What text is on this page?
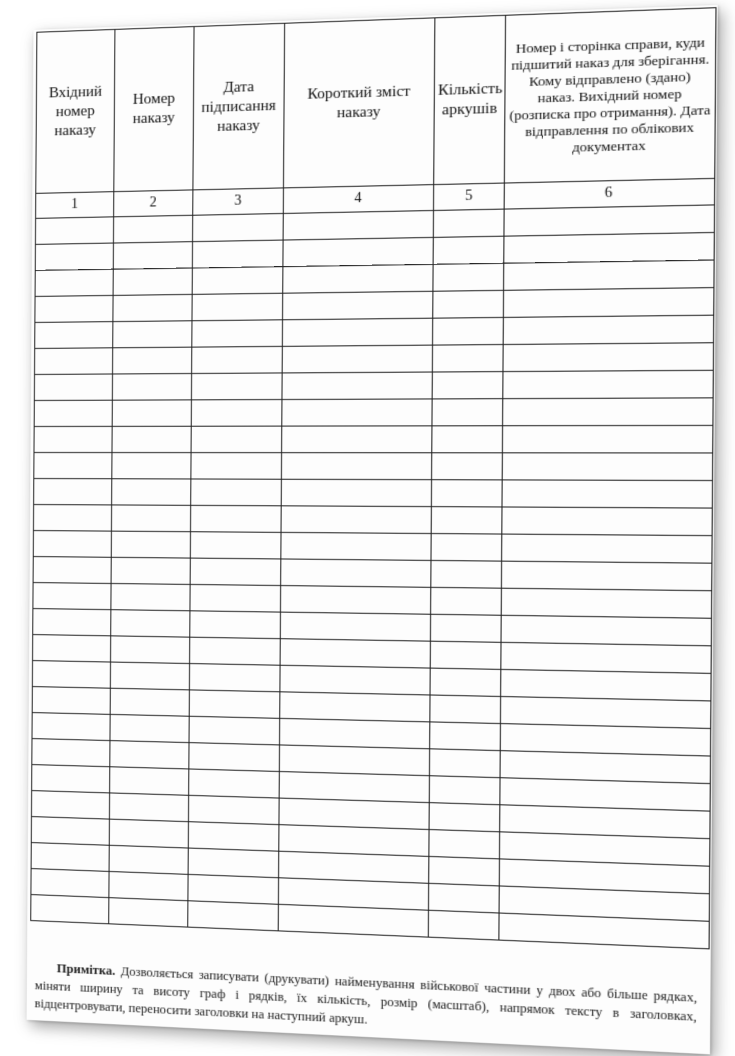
Вхідний номер наказу	Номер наказу	Дата підписання наказу	Короткий зміст наказу	Кількість аркушів	Номер і сторінка справи, куди підшитий наказ для зберігання. Кому відправлено (здано) наказ. Вихідний номер (розписка про отримання). Дата відправлення по облікових документах
1	2	3	4	5	6

Примітка. Дозволяється записувати (друкувати) найменування військової частини у двох або більше рядках, міняти ширину та висоту граф і рядків, їх кількість, розмір (масштаб), напрямок тексту в заголовках, відцентровувати, переносити заголовки на наступний аркуш.
